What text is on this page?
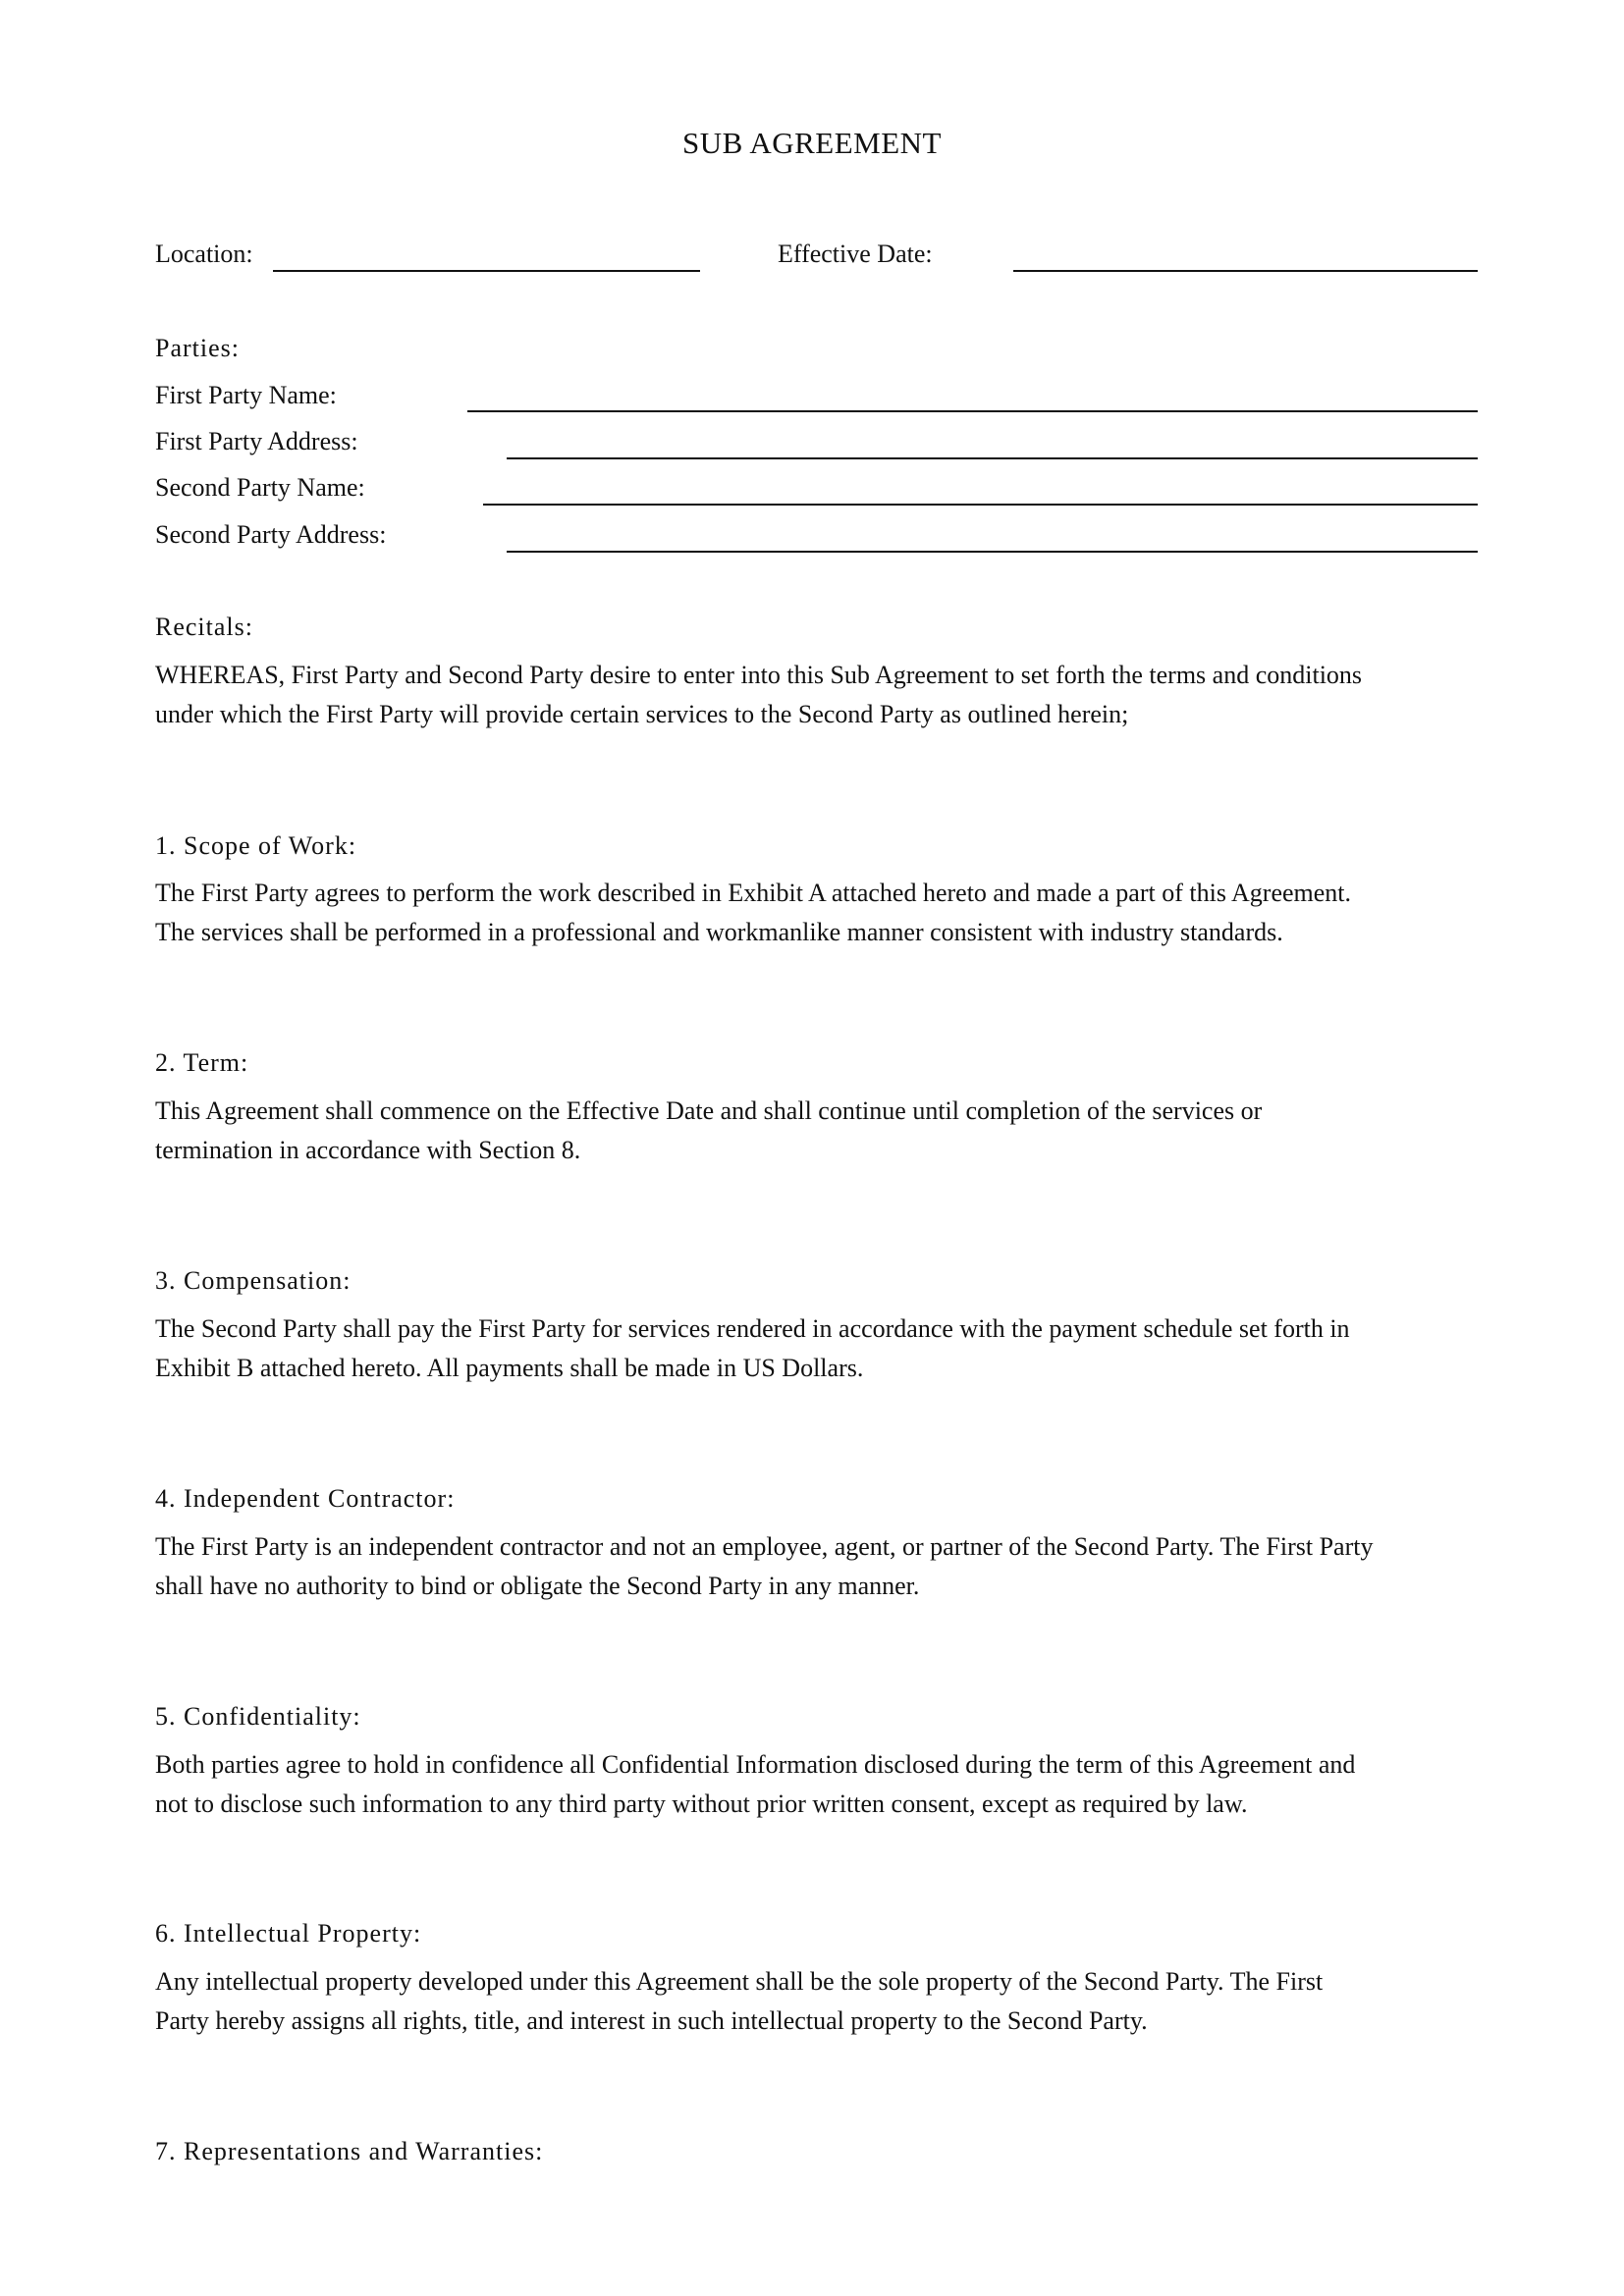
SUB AGREEMENT
Location:	Effective Date:
Parties:
First Party Name:
First Party Address:
Second Party Name:
Second Party Address:
Recitals:

WHEREAS, First Party and Second Party desire to enter into this Sub Agreement to set forth the terms and conditions

under which the First Party will provide certain services to the Second Party as outlined herein;

1. Scope of Work:

The First Party agrees to perform the work described in Exhibit A attached hereto and made a part of this Agreement.

The services shall be performed in a professional and workmanlike manner consistent with industry standards.

2. Term:

This Agreement shall commence on the Effective Date and shall continue until completion of the services or

termination in accordance with Section 8.

3. Compensation:

The Second Party shall pay the First Party for services rendered in accordance with the payment schedule set forth in

Exhibit B attached hereto. All payments shall be made in US Dollars.

4. Independent Contractor:

The First Party is an independent contractor and not an employee, agent, or partner of the Second Party. The First Party

shall have no authority to bind or obligate the Second Party in any manner.

5. Confidentiality:

Both parties agree to hold in confidence all Confidential Information disclosed during the term of this Agreement and

not to disclose such information to any third party without prior written consent, except as required by law.

6. Intellectual Property:

Any intellectual property developed under this Agreement shall be the sole property of the Second Party. The First

Party hereby assigns all rights, title, and interest in such intellectual property to the Second Party.

7. Representations and Warranties:
